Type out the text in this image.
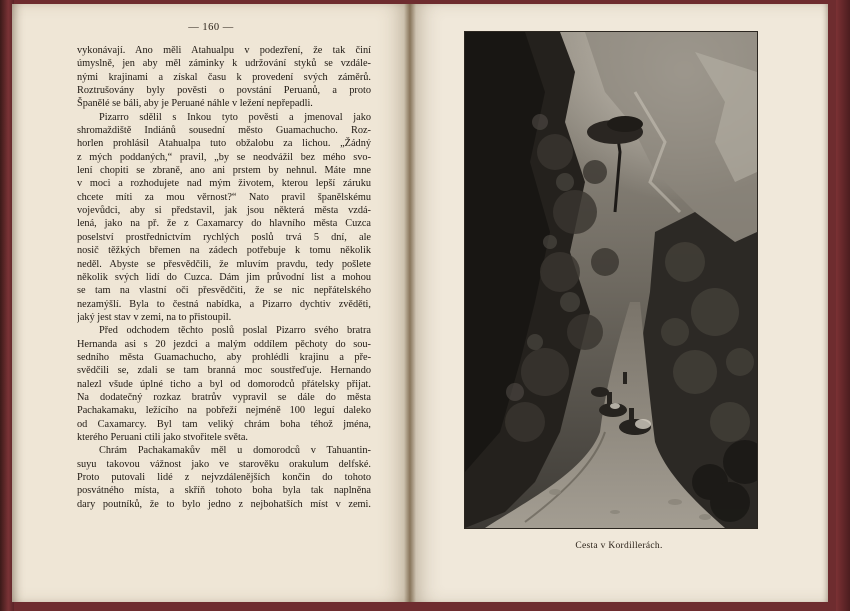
— 160 —
vykonávají. Ano měli Atahualpu v podezření, že tak činí
úmyslně, jen aby měl záminky k udržování styků se vzdále-
nými krajinami a získal času k provedení svých záměrů.
Roztrušovány byly pověsti o povstání Peruanů, a proto
Španělé se báli, aby je Peruané náhle v ležení nepřepadli.
Pizarro sdělil s Inkou tyto pověsti a jmenoval jako
shromaždiště Indiánů sousední město Guamachucho. Roz-
horlen prohlásil Atahualpa tuto obžalobu za lichou. „Žádný
z mých poddaných,“ pravil, „by se neodvážil bez mého svo-
lení chopiti se zbraně, ano ani prstem by nehnul. Máte mne
v moci a rozhodujete nad mým životem, kterou lepší záruku
chcete míti za mou věrnost?“ Nato pravil španělskému
vojevůdci, aby si představil, jak jsou některá města vzdá-
lená, jako na př. že z Caxamarcy do hlavního města Cuzca
poselství prostřednictvím rychlých poslů trvá 5 dní, ale
nosič těžkých břemen na zádech potřebuje k tomu několik
neděl. Abyste se přesvědčili, že mluvím pravdu, tedy pošlete
několik svých lidí do Cuzca. Dám jim průvodní list a mohou
se tam na vlastní oči přesvědčiti, že se nic nepřátelského
nezamýšlí. Byla to čestná nabídka, a Pizarro dychtiv zvěděti,
jaký jest stav v zemi, na to přistoupil.
Před odchodem těchto poslů poslal Pizarro svého bratra
Hernanda asi s 20 jezdci a malým oddílem pěchoty do sou-
sedního města Guamachucho, aby prohlédli krajinu a pře-
svědčili se, zdali se tam branná moc soustřeďuje. Hernando
nalezl všude úplné ticho a byl od domorodců přátelsky přijat.
Na dodatečný rozkaz bratrův vypravil se dále do města
Pachakamaku, ležícího na pobřeží nejméně 100 leguí daleko
od Caxamarcy. Byl tam veliký chrám boha téhož jména,
kterého Peruani ctili jako stvořitele světa.
Chrám Pachakamakův měl u domorodců v Tahuantin-
suyu takovou vážnost jako ve starověku orakulum delfské.
Proto putovali lidé z nejvzdálenějších končin do tohoto
posvátného místa, a skříň tohoto boha byla tak naplněna
dary poutníků, že to bylo jedno z nejbohatších míst v zemi.
Cesta v Kordillerách.
